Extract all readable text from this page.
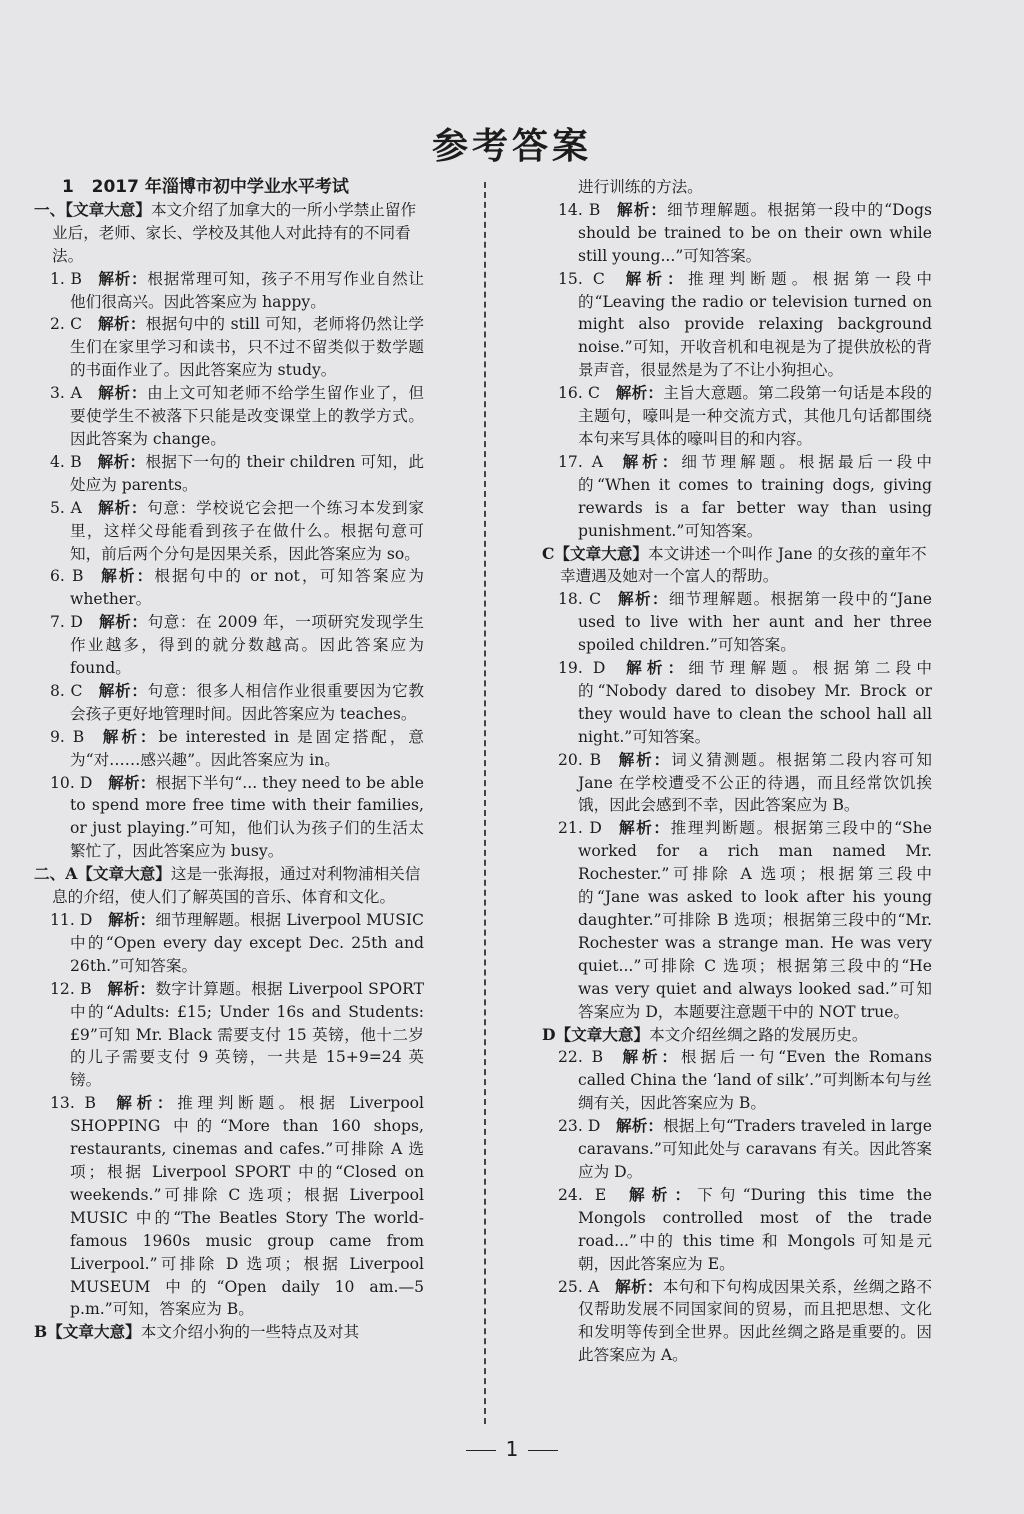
参考答案
1 2017 年淄博市初中学业水平考试
一、【文章大意】本文介绍了加拿大的一所小学禁止留作业后，老师、家长、学校及其他人对此持有的不同看法。
1. B  解析：根据常理可知，孩子不用写作业自然让他们很高兴。因此答案应为 happy。
2. C  解析：根据句中的 still 可知，老师将仍然让学生们在家里学习和读书，只不过不留类似于数学题的书面作业了。因此答案应为 study。
3. A  解析：由上文可知老师不给学生留作业了，但要使学生不被落下只能是改变课堂上的教学方式。因此答案为 change。
4. B  解析：根据下一句的 their children 可知，此处应为 parents。
5. A  解析：句意：学校说它会把一个练习本发到家里，这样父母能看到孩子在做什么。根据句意可知，前后两个分句是因果关系，因此答案应为 so。
6. B  解析：根据句中的 or not，可知答案应为 whether。
7. D  解析：句意：在 2009 年，一项研究发现学生作业越多，得到的就分数越高。因此答案应为 found。
8. C  解析：句意：很多人相信作业很重要因为它教会孩子更好地管理时间。因此答案应为 teaches。
9. B  解析：be interested in 是固定搭配，意为“对……感兴趣”。因此答案应为 in。
10. D  解析：根据下半句“... they need to be able to spend more free time with their families, or just playing.”可知，他们认为孩子们的生活太繁忙了，因此答案应为 busy。
二、A【文章大意】这是一张海报，通过对利物浦相关信息的介绍，使人们了解英国的音乐、体育和文化。
11. D  解析：细节理解题。根据 Liverpool MUSIC 中的“Open every day except Dec. 25th and 26th.”可知答案。
12. B  解析：数字计算题。根据 Liverpool SPORT 中的“Adults: £15; Under 16s and Students: £9”可知 Mr. Black 需要支付 15 英镑，他十二岁的儿子需要支付 9 英镑，一共是 15+9=24 英镑。
13. B  解析：推理判断题。根据 Liverpool SHOPPING 中的“More than 160 shops, restaurants, cinemas and cafes.”可排除 A 选项；根据 Liverpool SPORT 中的“Closed on weekends.”可排除 C 选项；根据 Liverpool MUSIC 中的“The Beatles Story The world-famous 1960s music group came from Liverpool.”可排除 D 选项；根据 Liverpool MUSEUM 中的“Open daily 10 am.—5 p.m.”可知，答案应为 B。
B【文章大意】本文介绍小狗的一些特点及对其
进行训练的方法。
14. B  解析：细节理解题。根据第一段中的“Dogs should be trained to be on their own while still young...”可知答案。
15. C  解析：推理判断题。根据第一段中的“Leaving the radio or television turned on might also provide relaxing background noise.”可知，开收音机和电视是为了提供放松的背景声音，很显然是为了不让小狗担心。
16. C  解析：主旨大意题。第二段第一句话是本段的主题句，嚎叫是一种交流方式，其他几句话都围绕本句来写具体的嚎叫目的和内容。
17. A  解析：细节理解题。根据最后一段中的“When it comes to training dogs, giving rewards is a far better way than using punishment.”可知答案。
C【文章大意】本文讲述一个叫作 Jane 的女孩的童年不幸遭遇及她对一个富人的帮助。
18. C  解析：细节理解题。根据第一段中的“Jane used to live with her aunt and her three spoiled children.”可知答案。
19. D  解析：细节理解题。根据第二段中的“Nobody dared to disobey Mr. Brock or they would have to clean the school hall all night.”可知答案。
20. B  解析：词义猜测题。根据第二段内容可知 Jane 在学校遭受不公正的待遇，而且经常饮饥挨饿，因此会感到不幸，因此答案应为 B。
21. D  解析：推理判断题。根据第三段中的“She worked for a rich man named Mr. Rochester.”可排除 A 选项；根据第三段中的“Jane was asked to look after his young daughter.”可排除 B 选项；根据第三段中的“Mr. Rochester was a strange man. He was very quiet...”可排除 C 选项；根据第三段中的“He was very quiet and always looked sad.”可知答案应为 D，本题要注意题干中的 NOT true。
D【文章大意】本文介绍丝绸之路的发展历史。
22. B  解析：根据后一句“Even the Romans called China the ‘land of silk’.”可判断本句与丝绸有关，因此答案应为 B。
23. D  解析：根据上句“Traders traveled in large caravans.”可知此处与 caravans 有关。因此答案应为 D。
24. E  解析：下句“During this time the Mongols controlled most of the trade road...”中的 this time 和 Mongols 可知是元朝，因此答案应为 E。
25. A  解析：本句和下句构成因果关系，丝绸之路不仅帮助发展不同国家间的贸易，而且把思想、文化和发明等传到全世界。因此丝绸之路是重要的。因此答案应为 A。
1
